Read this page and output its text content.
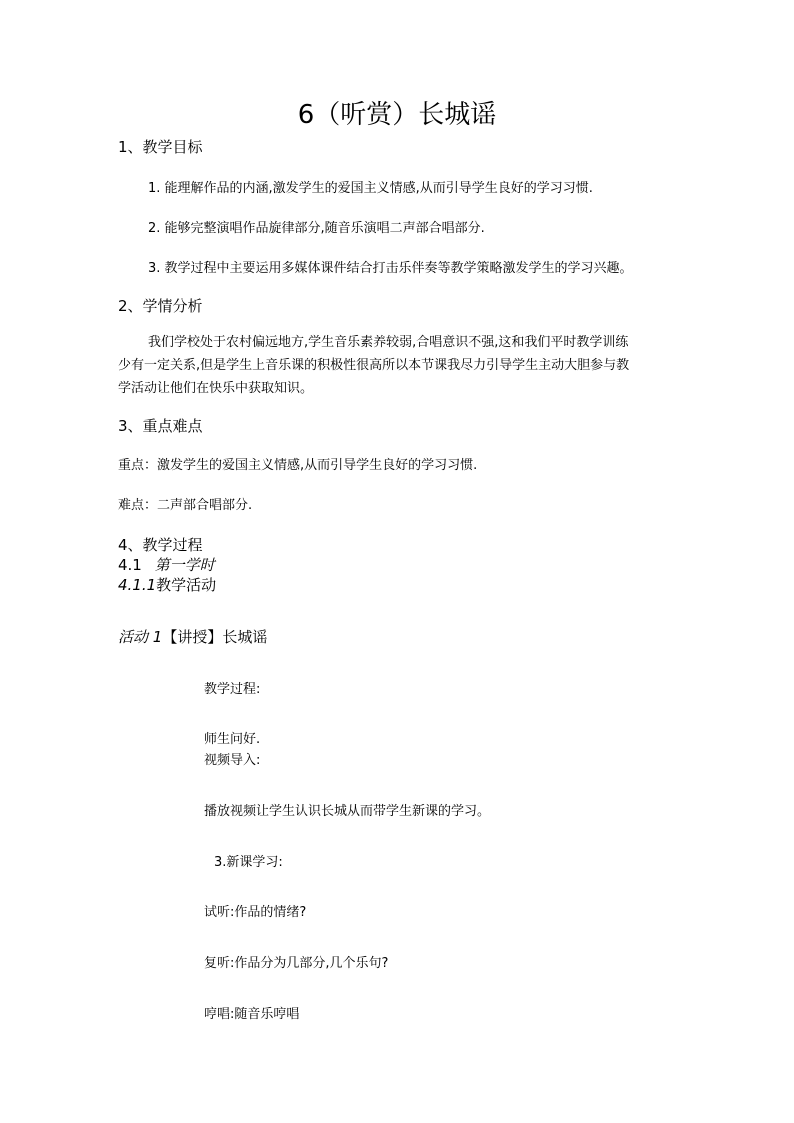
6（听赏）长城谣
1、教学目标
1. 能理解作品的内涵,激发学生的爱国主义情感,从而引导学生良好的学习习惯.
2. 能够完整演唱作品旋律部分,随音乐演唱二声部合唱部分.
3. 教学过程中主要运用多媒体课件结合打击乐伴奏等教学策略激发学生的学习兴趣。
2、学情分析
我们学校处于农村偏远地方,学生音乐素养较弱,合唱意识不强,这和我们平时教学训练
少有一定关系,但是学生上音乐课的积极性很高所以本节课我尽力引导学生主动大胆参与教
学活动让他们在快乐中获取知识。
3、重点难点
重点：激发学生的爱国主义情感,从而引导学生良好的学习习惯.
难点：二声部合唱部分.
4、教学过程
4.1 第一学时
4.1.1教学活动
活动 1【讲授】长城谣
教学过程:
师生问好.
视频导入:
播放视频让学生认识长城从而带学生新课的学习。
3.新课学习:
试听:作品的情绪?
复听:作品分为几部分,几个乐句?
哼唱:随音乐哼唱
